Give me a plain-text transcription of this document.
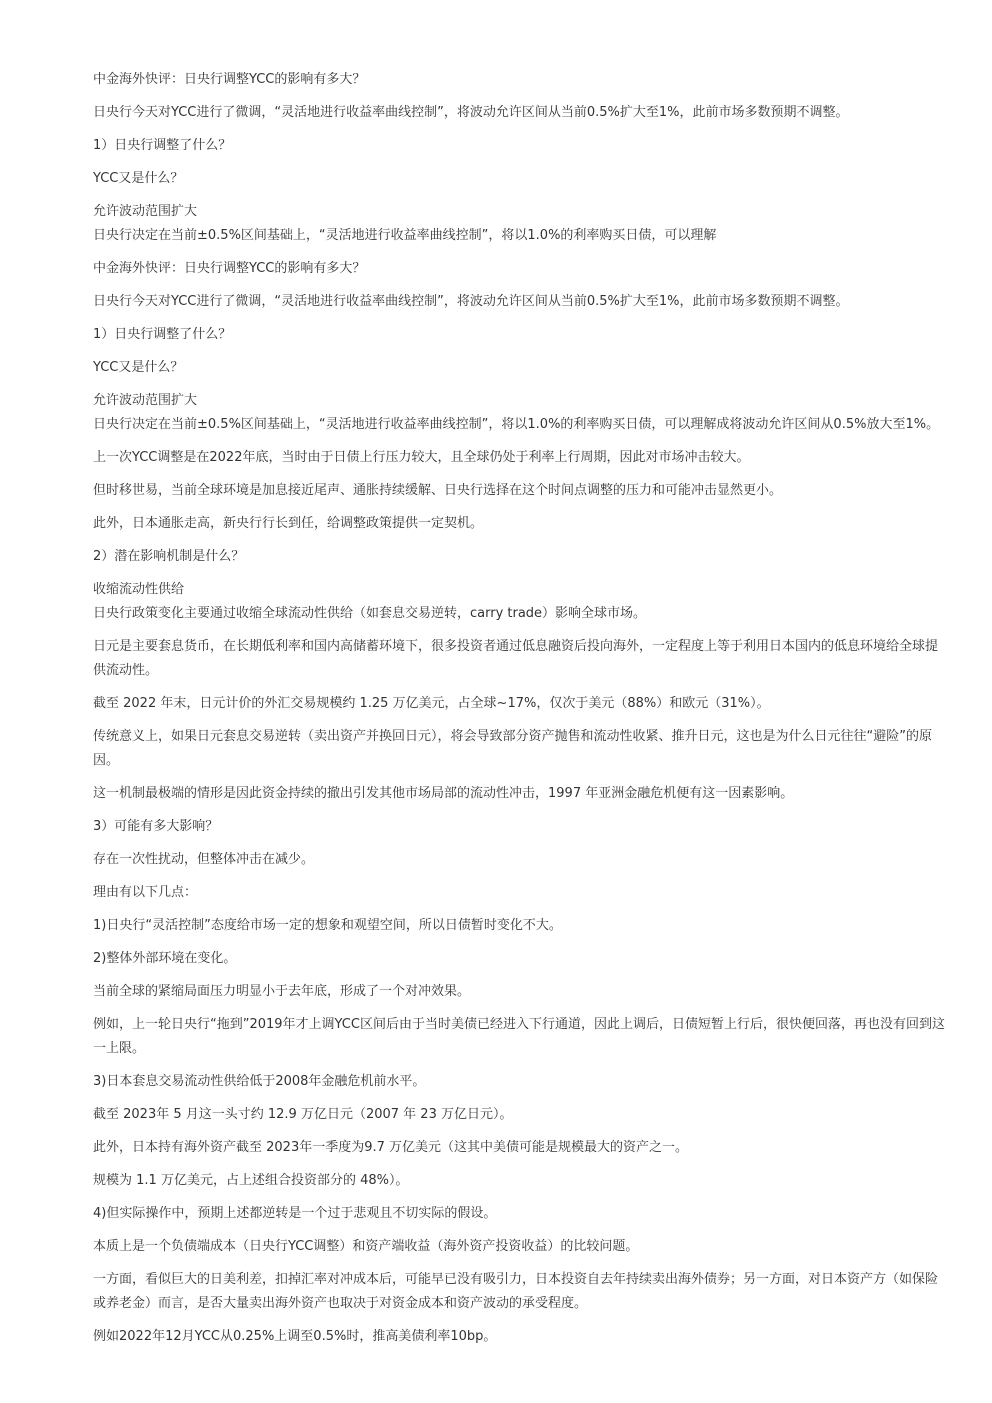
中金海外快评：日央行调整YCC的影响有多大？

日央行今天对YCC进行了微调，“灵活地进行收益率曲线控制”，将波动允许区间从当前0.5%扩大至1%，此前市场多数预期不调整。

1）日央行调整了什么？

YCC又是什么？

允许波动范围扩大

日央行决定在当前±0.5%区间基础上，“灵活地进行收益率曲线控制”，将以1.0%的利率购买日债，可以理解

中金海外快评：日央行调整YCC的影响有多大？

日央行今天对YCC进行了微调，“灵活地进行收益率曲线控制”，将波动允许区间从当前0.5%扩大至1%，此前市场多数预期不调整。

1）日央行调整了什么？

YCC又是什么？

允许波动范围扩大

日央行决定在当前±0.5%区间基础上，“灵活地进行收益率曲线控制”，将以1.0%的利率购买日债，可以理解成将波动允许区间从0.5%放大至1%。

上一次YCC调整是在2022年底，当时由于日债上行压力较大，且全球仍处于利率上行周期，因此对市场冲击较大。

但时移世易，当前全球环境是加息接近尾声、通胀持续缓解、日央行选择在这个时间点调整的压力和可能冲击显然更小。

此外，日本通胀走高，新央行行长到任，给调整政策提供一定契机。

2）潜在影响机制是什么？

收缩流动性供给

日央行政策变化主要通过收缩全球流动性供给（如套息交易逆转，carry trade）影响全球市场。

日元是主要套息货币，在长期低利率和国内高储蓄环境下，很多投资者通过低息融资后投向海外，一定程度上等于利用日本国内的低息环境给全球提供流动性。

截至 2022 年末，日元计价的外汇交易规模约 1.25 万亿美元，占全球~17%，仅次于美元（88%）和欧元（31%）。

传统意义上，如果日元套息交易逆转（卖出资产并换回日元），将会导致部分资产抛售和流动性收紧、推升日元，这也是为什么日元往往“避险”的原因。

这一机制最极端的情形是因此资金持续的撤出引发其他市场局部的流动性冲击，1997 年亚洲金融危机便有这一因素影响。

3）可能有多大影响？

存在一次性扰动，但整体冲击在减少。

理由有以下几点：

1)日央行“灵活控制”态度给市场一定的想象和观望空间，所以日债暂时变化不大。

2)整体外部环境在变化。

当前全球的紧缩局面压力明显小于去年底，形成了一个对冲效果。

例如，上一轮日央行“拖到”2019年才上调YCC区间后由于当时美债已经进入下行通道，因此上调后，日债短暂上行后，很快便回落，再也没有回到这一上限。

3)日本套息交易流动性供给低于2008年金融危机前水平。

截至 2023年 5 月这一头寸约 12.9 万亿日元（2007 年 23 万亿日元）。

此外，日本持有海外资产截至 2023年一季度为9.7 万亿美元（这其中美债可能是规模最大的资产之一。

规模为 1.1 万亿美元，占上述组合投资部分的 48%）。

4)但实际操作中，预期上述都逆转是一个过于悲观且不切实际的假设。

本质上是一个负债端成本（日央行YCC调整）和资产端收益（海外资产投资收益）的比较问题。

一方面，看似巨大的日美利差，扣掉汇率对冲成本后，可能早已没有吸引力，日本投资自去年持续卖出海外债券；另一方面，对日本资产方（如保险或养老金）而言，是否大量卖出海外资产也取决于对资金成本和资产波动的承受程度。

例如2022年12月YCC从0.25%上调至0.5%时，推高美债利率10bp。
